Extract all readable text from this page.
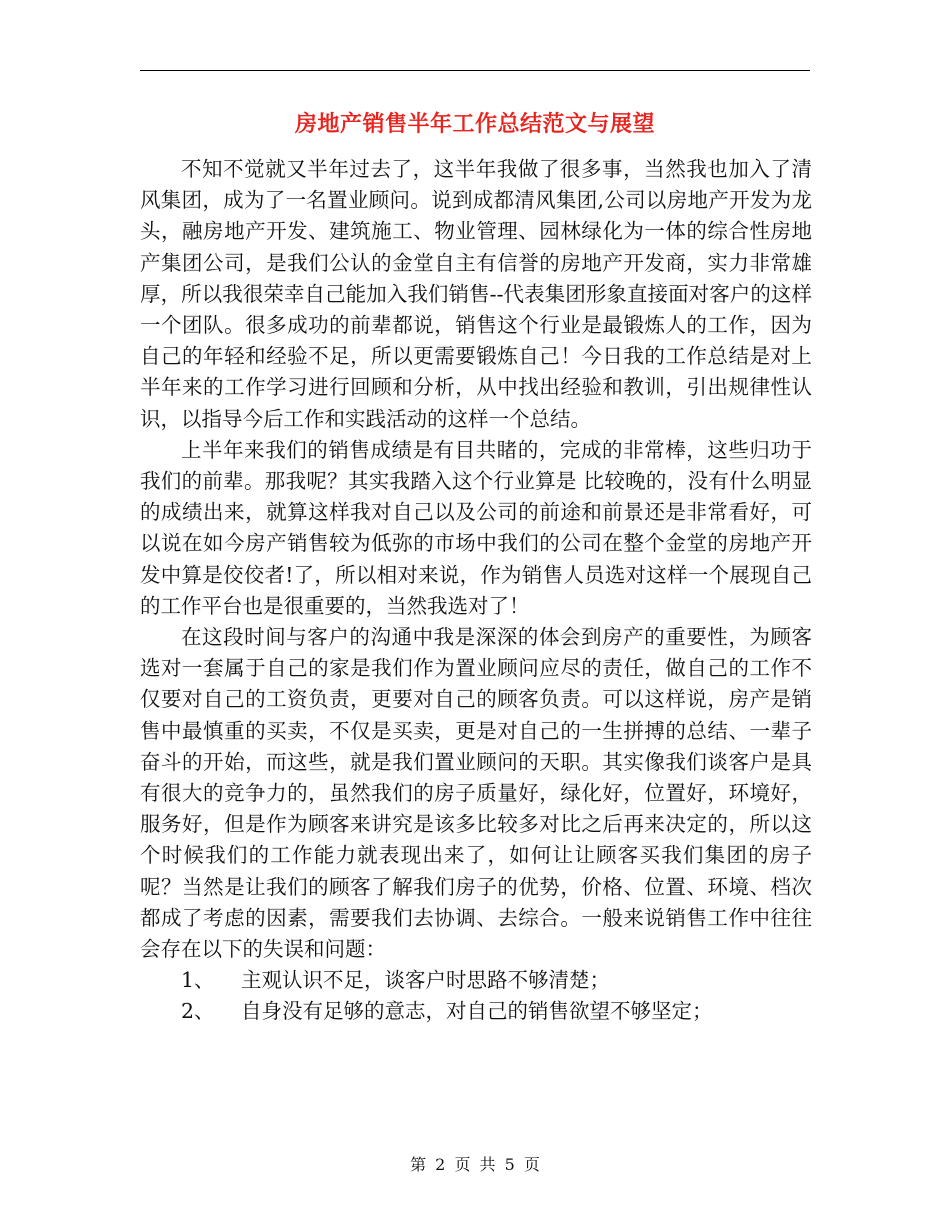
房地产销售半年工作总结范文与展望

不知不觉就又半年过去了，这半年我做了很多事，当然我也加入了清风集团，成为了一名置业顾问。说到成都清风集团,公司以房地产开发为龙头，融房地产开发、建筑施工、物业管理、园林绿化为一体的综合性房地产集团公司，是我们公认的金堂自主有信誉的房地产开发商，实力非常雄厚，所以我很荣幸自己能加入我们销售--代表集团形象直接面对客户的这样一个团队。很多成功的前辈都说，销售这个行业是最锻炼人的工作，因为自己的年轻和经验不足，所以更需要锻炼自己！今日我的工作总结是对上半年来的工作学习进行回顾和分析，从中找出经验和教训，引出规律性认识，以指导今后工作和实践活动的这样一个总结。

上半年来我们的销售成绩是有目共睹的，完成的非常棒，这些归功于我们的前辈。那我呢？其实我踏入这个行业算是 比较晚的，没有什么明显的成绩出来，就算这样我对自己以及公司的前途和前景还是非常看好，可以说在如今房产销售较为低弥的市场中我们的公司在整个金堂的房地产开发中算是佼佼者!了，所以相对来说，作为销售人员选对这样一个展现自己的工作平台也是很重要的，当然我选对了！

在这段时间与客户的沟通中我是深深的体会到房产的重要性，为顾客选对一套属于自己的家是我们作为置业顾问应尽的责任，做自己的工作不仅要对自己的工资负责，更要对自己的顾客负责。可以这样说，房产是销售中最慎重的买卖，不仅是买卖，更是对自己的一生拼搏的总结、一辈子奋斗的开始，而这些，就是我们置业顾问的天职。其实像我们谈客户是具有很大的竞争力的，虽然我们的房子质量好，绿化好，位置好，环境好，服务好，但是作为顾客来讲究是该多比较多对比之后再来决定的，所以这个时候我们的工作能力就表现出来了，如何让让顾客买我们集团的房子呢？当然是让我们的顾客了解我们房子的优势，价格、位置、环境、档次都成了考虑的因素，需要我们去协调、去综合。一般来说销售工作中往往会存在以下的失误和问题：

1、	主观认识不足，谈客户时思路不够清楚；
2、	自身没有足够的意志，对自己的销售欲望不够坚定；
第 2 页 共 5 页
